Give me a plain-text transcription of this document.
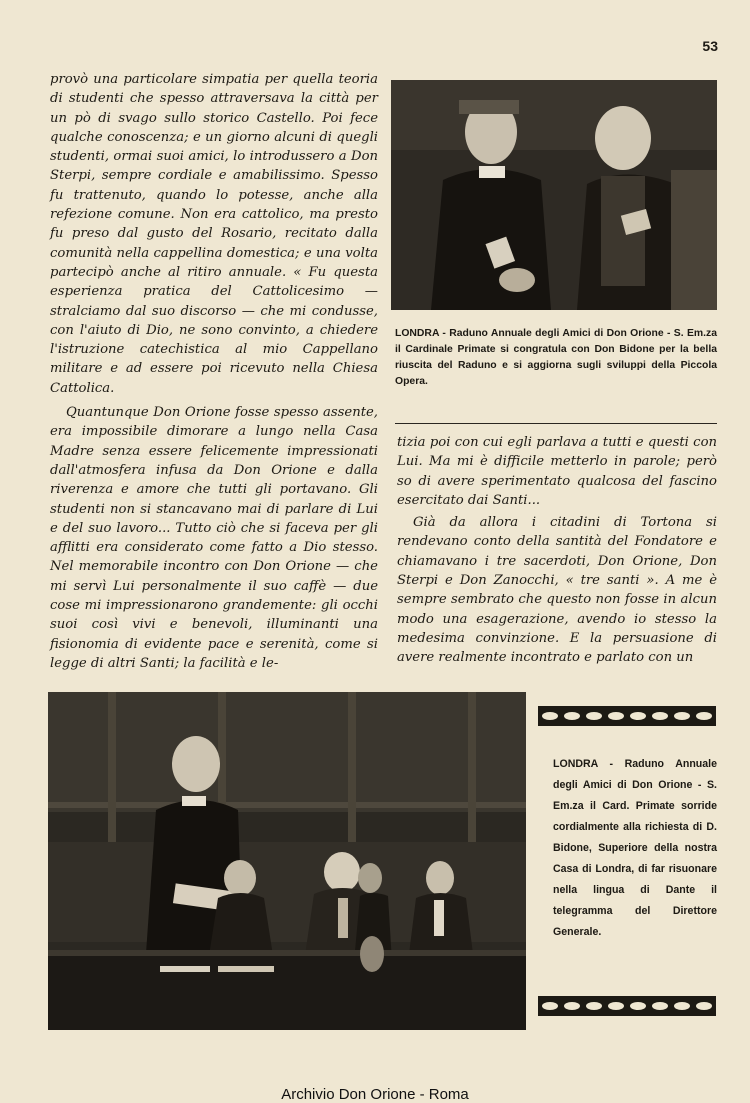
53

provò una particolare simpatia per quella teoria di studenti che spesso attraversava la città per un pò di svago sullo storico Castello. Poi fece qualche conoscenza; e un giorno alcuni di quegli studenti, ormai suoi amici, lo introdussero a Don Sterpi, sempre cordiale e amabilissimo. Spesso fu trattenuto, quando lo potesse, anche alla refezione comune. Non era cattolico, ma presto fu preso dal gusto del Rosario, recitato dalla comunità nella cappellina domestica; e una volta partecipò anche al ritiro annuale. « Fu questa esperienza pratica del Cattolicesimo — stralciamo dal suo discorso — che mi condusse, con l'aiuto di Dio, ne sono convinto, a chiedere l'istruzione catechistica al mio Cappellano militare e ad essere poi ricevuto nella Chiesa Cattolica.

Quantunque Don Orione fosse spesso assente, era impossibile dimorare a lungo nella Casa Madre senza essere felicemente impressionati dall'atmosfera infusa da Don Orione e dalla riverenza e amore che tutti gli portavano. Gli studenti non si stancavano mai di parlare di Lui e del suo lavoro... Tutto ciò che si faceva per gli afflitti era considerato come fatto a Dio stesso. Nel memorabile incontro con Don Orione — che mi servì Lui personalmente il suo caffè — due cose mi impressionarono grandemente: gli occhi suoi così vivi e benevoli, illuminanti una fisionomia di evidente pace e serenità, come si legge di altri Santi; la facilità e le-

LONDRA - Raduno Annuale degli Amici di Don Orione - S. Em.za il Cardinale Primate si congratula con Don Bidone per la bella riuscita del Raduno e si aggiorna sugli sviluppi della Piccola Opera.

tizia poi con cui egli parlava a tutti e questi con Lui. Ma mi è difficile metterlo in parole; però so di avere sperimentato qualcosa del fascino esercitato dai Santi...

Già da allora i citadini di Tortona si rendevano conto della santità del Fondatore e chiamavano i tre sacerdoti, Don Orione, Don Sterpi e Don Zanocchi, « tre santi ». A me è sempre sembrato che questo non fosse in alcun modo una esagerazione, avendo io stesso la medesima convinzione. E la persuasione di avere realmente incontrato e parlato con un

LONDRA - Raduno Annuale degli Amici di Don Orione - S. Em.za il Card. Primate sorride cordialmente alla richiesta di D. Bidone, Superiore della nostra Casa di Londra, di far risuonare nella lingua di Dante il telegramma del Direttore Generale.
Archivio Don Orione - Roma
